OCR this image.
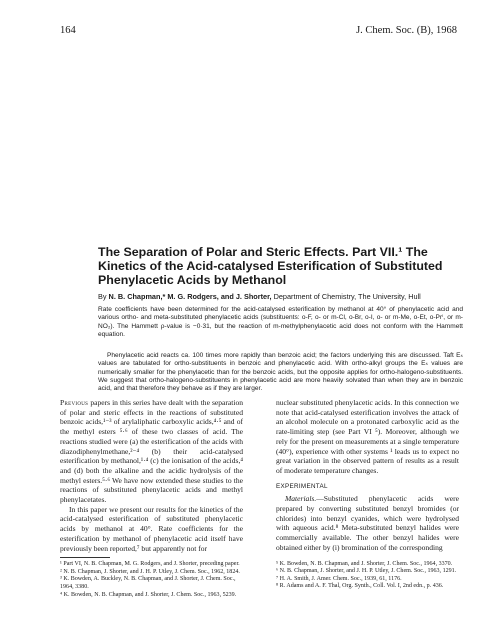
164	J. Chem. Soc. (B), 1968
The Separation of Polar and Steric Effects. Part VII.¹ The Kinetics of the Acid-catalysed Esterification of Substituted Phenylacetic Acids by Methanol

By N. B. Chapman,* M. G. Rodgers, and J. Shorter, Department of Chemistry, The University, Hull

Rate coefficients have been determined for the acid-catalysed esterification by methanol at 40° of phenylacetic acid and various ortho- and meta-substituted phenylacetic acids (substituents: o-F, o- or m-Cl, o-Br, o-I, o- or m-Me, o-Et, o-Prⁱ, or m-NO₂). The Hammett ρ-value is −0·31, but the reaction of m-methylphenylacetic acid does not conform with the Hammett equation.

Phenylacetic acid reacts ca. 100 times more rapidly than benzoic acid; the factors underlying this are discussed. Taft Eₛ values are tabulated for ortho-substituents in benzoic and phenylacetic acid. With ortho-alkyl groups the Eₛ values are numerically smaller for the phenylacetic than for the benzoic acids, but the opposite applies for ortho-halogeno-substituents. We suggest that ortho-halogeno-substituents in phenylacetic acid are more heavily solvated than when they are in benzoic acid, and that therefore they behave as if they are larger.

Previous papers in this series have dealt with the separation of polar and steric effects in the reactions of substituted benzoic acids,¹⁻³ of arylaliphatic carboxylic acids,⁴·⁵ and of the methyl esters ⁵·⁶ of these two classes of acid. The reactions studied were (a) the esterification of the acids with diazodiphenylmethane,²⁻⁴ (b) their acid-catalysed esterification by methanol,¹·⁴ (c) the ionisation of the acids,⁴ and (d) both the alkaline and the acidic hydrolysis of the methyl esters.⁵·⁶ We have now extended these studies to the reactions of substituted phenylacetic acids and methyl phenylacetates.

In this paper we present our results for the kinetics of the acid-catalysed esterification of substituted phenylacetic acids by methanol at 40°. Rate coefficients for the esterification by methanol of phenylacetic acid itself have previously been reported,⁷ but apparently not for

¹ Part VI, N. B. Chapman, M. G. Rodgers, and J. Shorter, preceding paper.

² N. B. Chapman, J. Shorter, and J. H. P. Utley, J. Chem. Soc., 1962, 1824.

³ K. Bowden, A. Buckley, N. B. Chapman, and J. Shorter, J. Chem. Soc., 1964, 3380.

⁴ K. Bowden, N. B. Chapman, and J. Shorter, J. Chem. Soc., 1963, 5239.

nuclear substituted phenylacetic acids. In this connection we note that acid-catalysed esterification involves the attack of an alcohol molecule on a protonated carboxylic acid as the rate-limiting step (see Part VI ⁵). Moreover, although we rely for the present on measurements at a single temperature (40°), experience with other systems ¹ leads us to expect no great variation in the observed pattern of results as a result of moderate temperature changes.

EXPERIMENTAL

Materials.—Substituted phenylacetic acids were prepared by converting substituted benzyl bromides (or chlorides) into benzyl cyanides, which were hydrolysed with aqueous acid.⁸ Meta-substituted benzyl halides were commercially available. The other benzyl halides were obtained either by (i) bromination of the corresponding

⁵ K. Bowden, N. B. Chapman, and J. Shorter, J. Chem. Soc., 1964, 3370.

⁶ N. B. Chapman, J. Shorter, and J. H. P. Utley, J. Chem. Soc., 1963, 1291.

⁷ H. A. Smith, J. Amer. Chem. Soc., 1939, 61, 1176.

⁸ R. Adams and A. F. Thal, Org. Synth., Coll. Vol. I, 2nd edn., p. 436.
